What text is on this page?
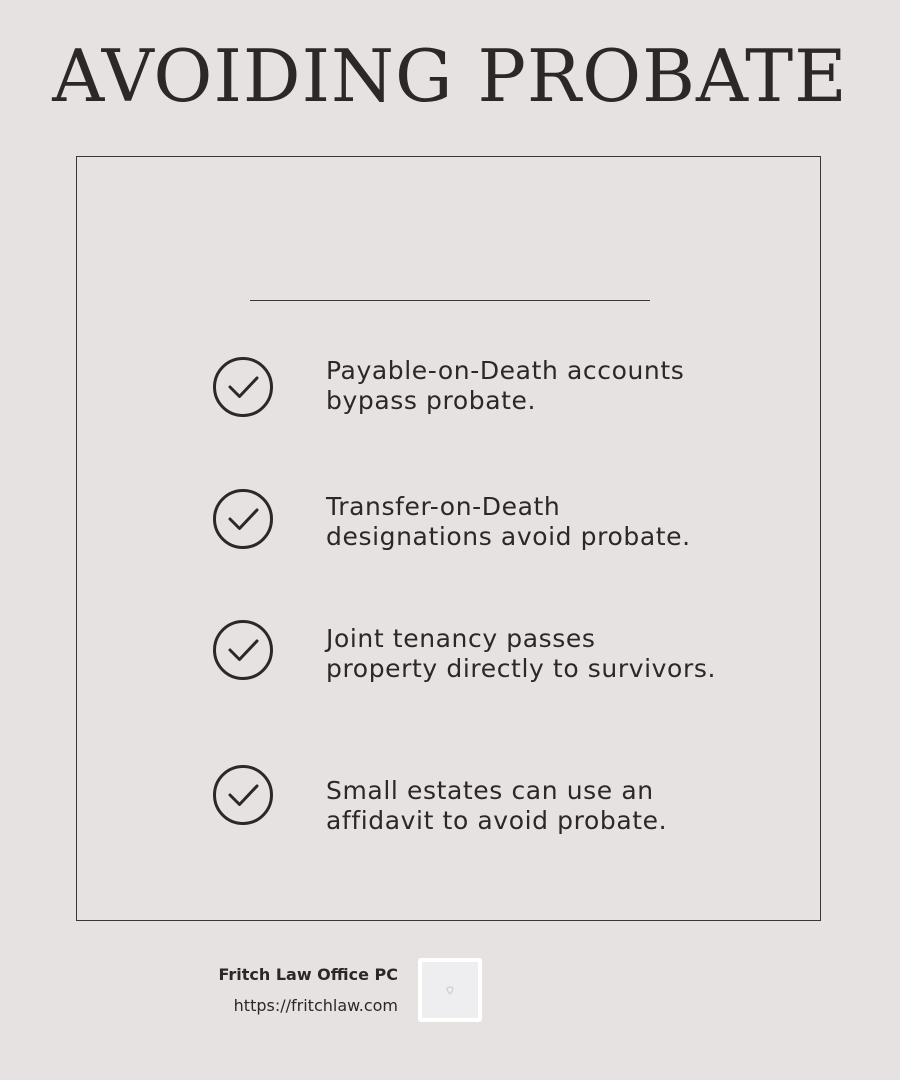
AVOIDING PROBATE
Payable-on-Death accounts
bypass probate.
Transfer-on-Death
designations avoid probate.
Joint tenancy passes
property directly to survivors.
Small estates can use an
affidavit to avoid probate.
Fritch Law Office PC
https://fritchlaw.com
